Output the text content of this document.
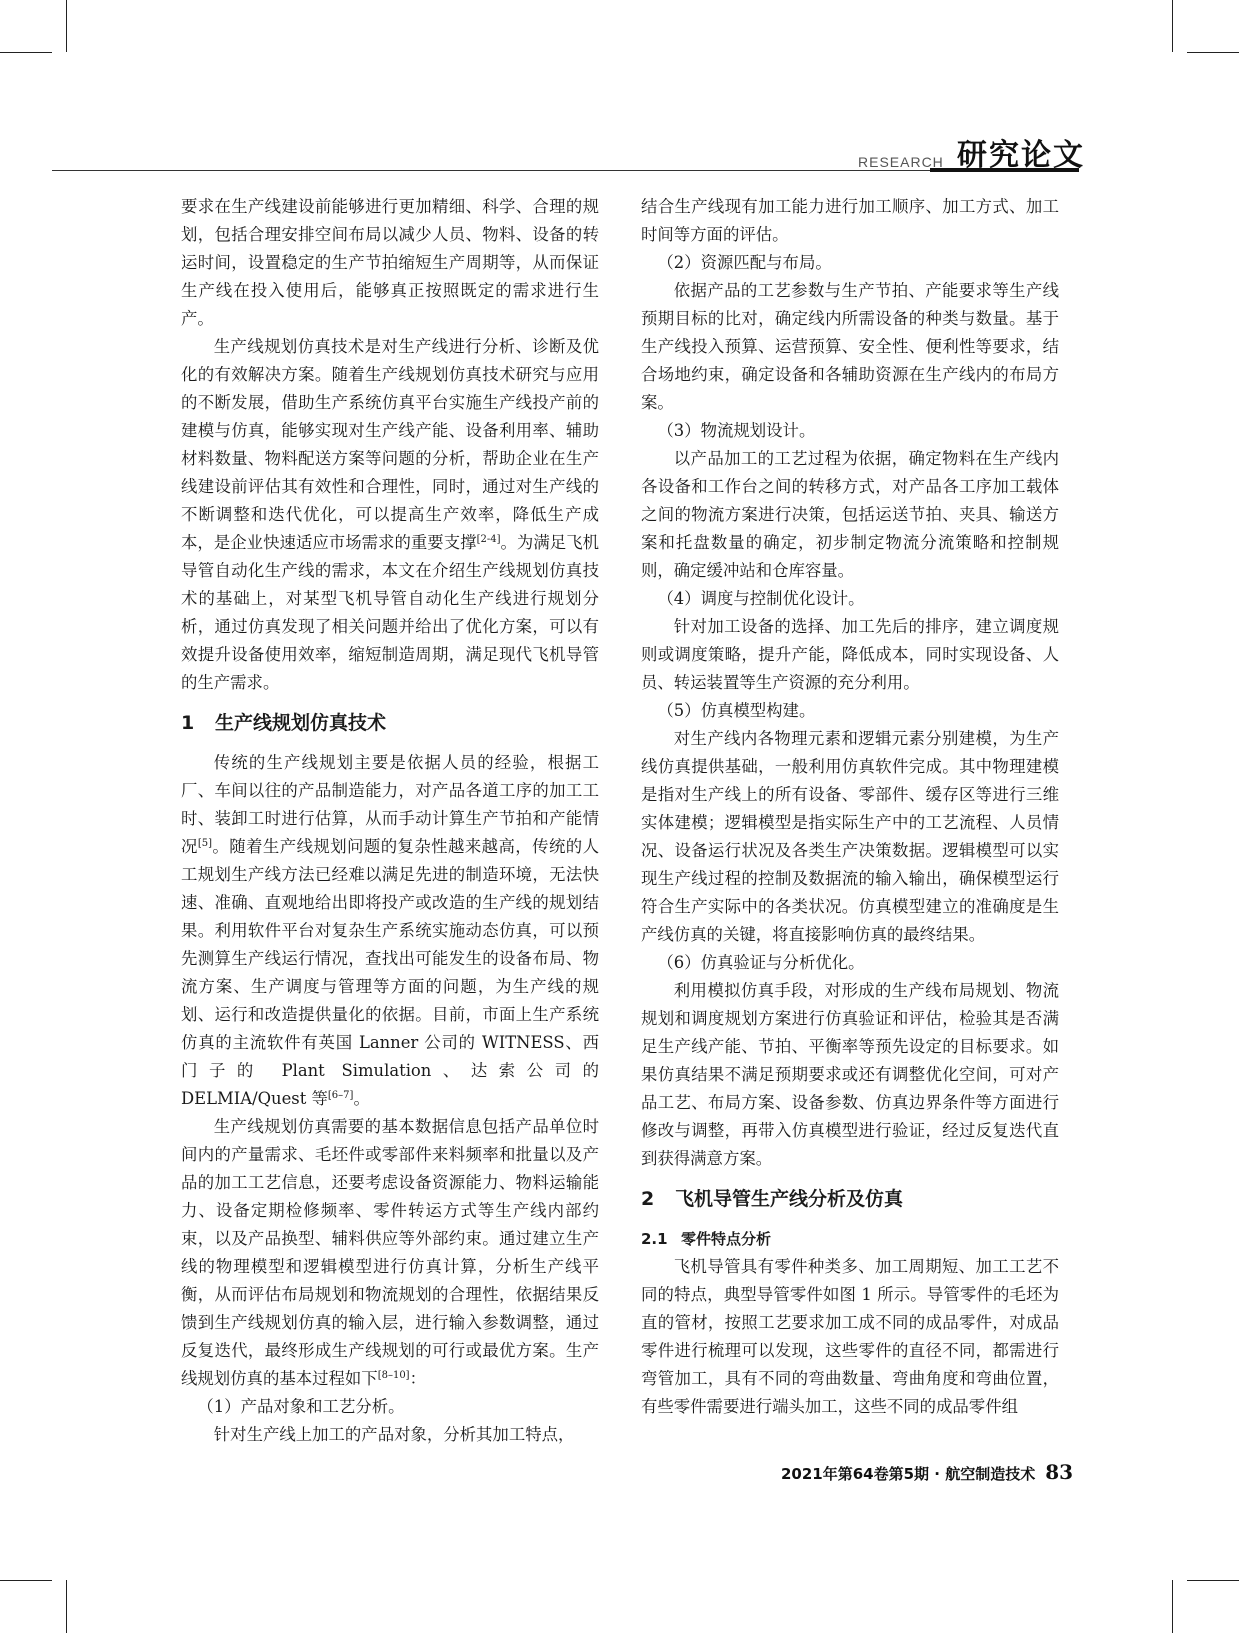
RESEARCH 研究论文

要求在生产线建设前能够进行更加精细、科学、合理的规划，包括合理安排空间布局以减少人员、物料、设备的转运时间，设置稳定的生产节拍缩短生产周期等，从而保证生产线在投入使用后，能够真正按照既定的需求进行生产。

生产线规划仿真技术是对生产线进行分析、诊断及优化的有效解决方案。随着生产线规划仿真技术研究与应用的不断发展，借助生产系统仿真平台实施生产线投产前的建模与仿真，能够实现对生产线产能、设备利用率、辅助材料数量、物料配送方案等问题的分析，帮助企业在生产线建设前评估其有效性和合理性，同时，通过对生产线的不断调整和迭代优化，可以提高生产效率，降低生产成本，是企业快速适应市场需求的重要支撑[2-4]。为满足飞机导管自动化生产线的需求，本文在介绍生产线规划仿真技术的基础上，对某型飞机导管自动化生产线进行规划分析，通过仿真发现了相关问题并给出了优化方案，可以有效提升设备使用效率，缩短制造周期，满足现代飞机导管的生产需求。

1 生产线规划仿真技术

传统的生产线规划主要是依据人员的经验，根据工厂、车间以往的产品制造能力，对产品各道工序的加工工时、装卸工时进行估算，从而手动计算生产节拍和产能情况[5]。随着生产线规划问题的复杂性越来越高，传统的人工规划生产线方法已经难以满足先进的制造环境，无法快速、准确、直观地给出即将投产或改造的生产线的规划结果。利用软件平台对复杂生产系统实施动态仿真，可以预先测算生产线运行情况，查找出可能发生的设备布局、物流方案、生产调度与管理等方面的问题，为生产线的规划、运行和改造提供量化的依据。目前，市面上生产系统仿真的主流软件有英国 Lanner 公司的 WITNESS、西门子的 Plant Simulation、达索公司的 DELMIA/Quest 等[6–7]。

生产线规划仿真需要的基本数据信息包括产品单位时间内的产量需求、毛坯件或零部件来料频率和批量以及产品的加工工艺信息，还要考虑设备资源能力、物料运输能力、设备定期检修频率、零件转运方式等生产线内部约束，以及产品换型、辅料供应等外部约束。通过建立生产线的物理模型和逻辑模型进行仿真计算，分析生产线平衡，从而评估布局规划和物流规划的合理性，依据结果反馈到生产线规划仿真的输入层，进行输入参数调整，通过反复迭代，最终形成生产线规划的可行或最优方案。生产线规划仿真的基本过程如下[8–10]：

（1）产品对象和工艺分析。

针对生产线上加工的产品对象，分析其加工特点，

结合生产线现有加工能力进行加工顺序、加工方式、加工时间等方面的评估。

（2）资源匹配与布局。

依据产品的工艺参数与生产节拍、产能要求等生产线预期目标的比对，确定线内所需设备的种类与数量。基于生产线投入预算、运营预算、安全性、便利性等要求，结合场地约束，确定设备和各辅助资源在生产线内的布局方案。

（3）物流规划设计。

以产品加工的工艺过程为依据，确定物料在生产线内各设备和工作台之间的转移方式，对产品各工序加工载体之间的物流方案进行决策，包括运送节拍、夹具、输送方案和托盘数量的确定，初步制定物流分流策略和控制规则，确定缓冲站和仓库容量。

（4）调度与控制优化设计。

针对加工设备的选择、加工先后的排序，建立调度规则或调度策略，提升产能，降低成本，同时实现设备、人员、转运装置等生产资源的充分利用。

（5）仿真模型构建。

对生产线内各物理元素和逻辑元素分别建模，为生产线仿真提供基础，一般利用仿真软件完成。其中物理建模是指对生产线上的所有设备、零部件、缓存区等进行三维实体建模；逻辑模型是指实际生产中的工艺流程、人员情况、设备运行状况及各类生产决策数据。逻辑模型可以实现生产线过程的控制及数据流的输入输出，确保模型运行符合生产实际中的各类状况。仿真模型建立的准确度是生产线仿真的关键，将直接影响仿真的最终结果。

（6）仿真验证与分析优化。

利用模拟仿真手段，对形成的生产线布局规划、物流规划和调度规划方案进行仿真验证和评估，检验其是否满足生产线产能、节拍、平衡率等预先设定的目标要求。如果仿真结果不满足预期要求或还有调整优化空间，可对产品工艺、布局方案、设备参数、仿真边界条件等方面进行修改与调整，再带入仿真模型进行验证，经过反复迭代直到获得满意方案。

2 飞机导管生产线分析及仿真
2.1 零件特点分析

飞机导管具有零件种类多、加工周期短、加工工艺不同的特点，典型导管零件如图 1 所示。导管零件的毛坯为直的管材，按照工艺要求加工成不同的成品零件，对成品零件进行梳理可以发现，这些零件的直径不同，都需进行弯管加工，具有不同的弯曲数量、弯曲角度和弯曲位置，有些零件需要进行端头加工，这些不同的成品零件组

2021年第64卷第5期 · 航空制造技术 83
